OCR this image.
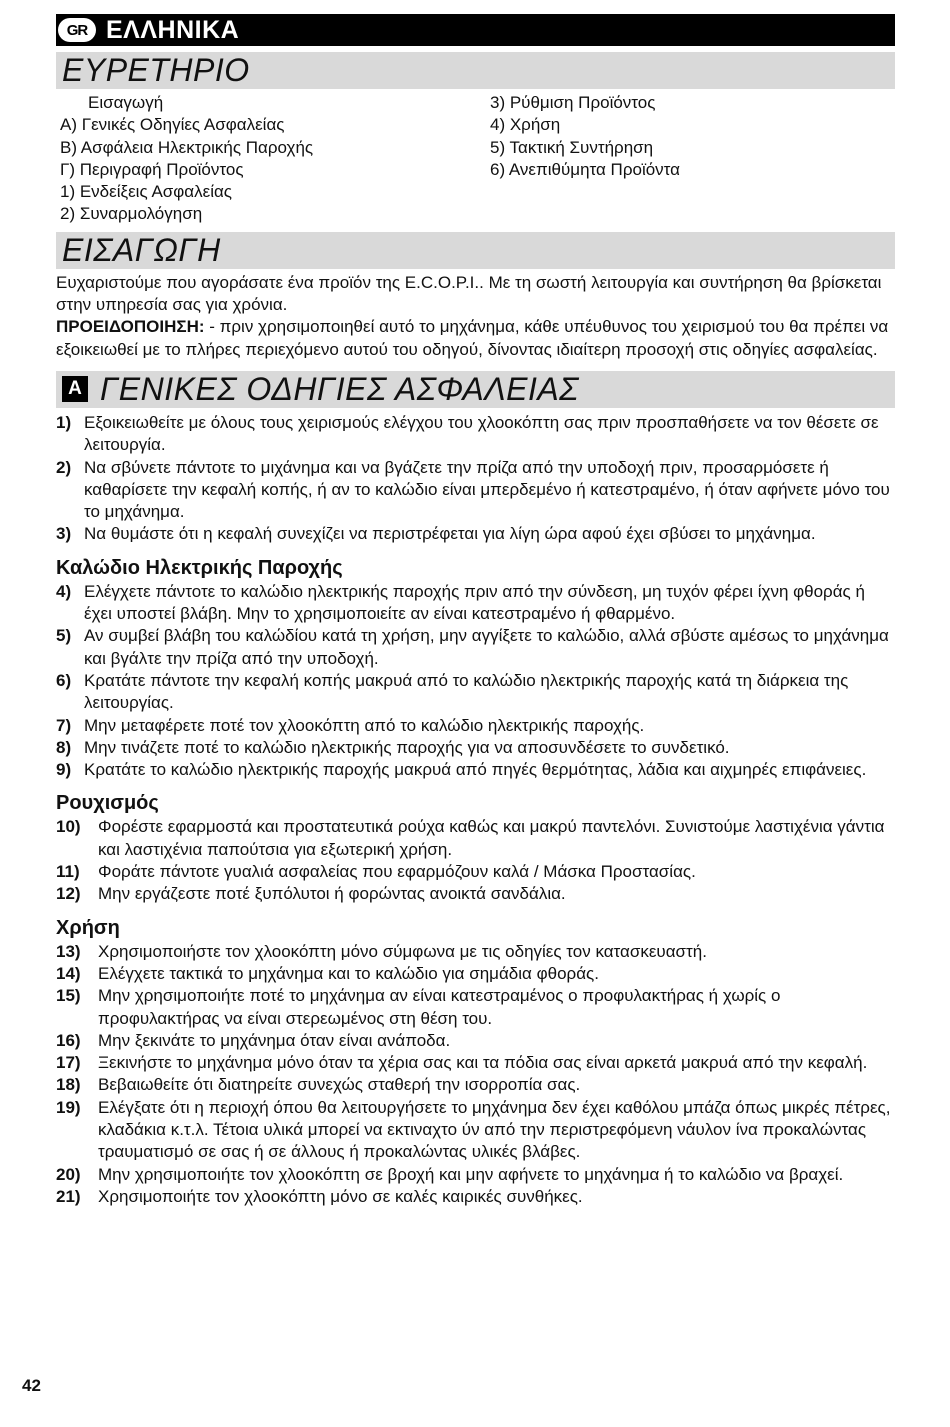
GR ΕΛΛΗΝΙΚΑ
ΕΥΡΕΤΗΡΙΟ
Εισαγωγή
Α) Γενικές Οδηγίες Ασφαλείας
Β) Ασφάλεια Ηλεκτρικής Παροχής
Γ) Περιγραφή Προϊόντος
1) Ενδείξεις Ασφαλείας
2) Συναρμολόγηση
3) Ρύθμιση Προϊόντος
4) Χρήση
5) Τακτική Συντήρηση
6) Ανεπιθύμητα Προϊόντα
ΕΙΣΑΓΩΓΗ

Ευχαριστούμε που αγοράσατε ένα προϊόν της E.C.O.P.I.. Με τη σωστή λειτουργία και συντήρηση θα βρίσκεται στην υπηρεσία σας για χρόνια.

ΠΡΟΕΙΔΟΠΟΙΗΣΗ: - πριν χρησιμοποιηθεί αυτό το μηχάνημα, κάθε υπέυθυνος του χειρισμού του θα πρέπει να εξοικειωθεί με το πλήρες περιεχόμενο αυτού του οδηγού, δίνοντας ιδιαίτερη προσοχή στις οδηγίες ασφαλείας.

A ΓΕΝΙΚΕΣ ΟΔΗΓΙΕΣ ΑΣΦΑΛΕΙΑΣ
1) Εξοικειωθείτε με όλους τους χειρισμούς ελέγχου του χλοοκόπτη σας πριν προσπαθήσετε να τον θέσετε σε λειτουργία.
2) Να σβύνετε πάντοτε το μιχάνημα και να βγάζετε την πρίζα από την υποδοχή πριν, προσαρμόσετε ή καθαρίσετε την κεφαλή κοπής, ή αν το καλώδιο είναι μπερδεμένο ή κατεστραμένο, ή όταν αφήνετε μόνο του το μηχάνημα.
3) Να θυμάστε ότι η κεφαλή συνεχίζει να περιστρέφεται για λίγη ώρα αφού έχει σβύσει το μηχάνημα.
Καλώδιο Ηλεκτρικής Παροχής
4) Ελέγχετε πάντοτε το καλώδιο ηλεκτρικής παροχής πριν από την σύνδεση, μη τυχόν φέρει ίχνη φθοράς ή έχει υποστεί βλάβη. Μην το χρησιμοποιείτε αν είναι κατεστραμένο ή φθαρμένο.
5) Αν συμβεί βλάβη του καλώδίου κατά τη χρήση, μην αγγίξετε το καλώδιο, αλλά σβύστε αμέσως το μηχάνημα και βγάλτε την πρίζα από την υποδοχή.
6) Κρατάτε πάντοτε την κεφαλή κοπής μακρυά από το καλώδιο ηλεκτρικής παροχής κατά τη διάρκεια της λειτουργίας.
7) Μην μεταφέρετε ποτέ τον χλοοκόπτη από το καλώδιο ηλεκτρικής παροχής.
8) Μην τινάζετε ποτέ το καλώδιο ηλεκτρικής παροχής για να αποσυνδέσετε το συνδετικό.
9) Κρατάτε το καλώδιο ηλεκτρικής παροχής μακρυά από πηγές θερμότητας, λάδια και αιχμηρές επιφάνειες.
Ρουχισμός
10)	Φορέστε εφαρμοστά και προστατευτικά ρούχα καθώς και μακρύ παντελόνι. Συνιστούμε λαστιχένια γάντια και λαστιχένια παπούτσια για εξωτερική χρήση.
11)	Φοράτε πάντοτε γυαλιά ασφαλείας που εφαρμόζουν καλά / Μάσκα Προστασίας.
12)	Μην εργάζεστε ποτέ ξυπόλυτοι ή φορώντας ανοικτά σανδάλια.
Χρήση
13)	Χρησιμοποιήστε τον χλοοκόπτη μόνο σύμφωνα με τις οδηγίες τον κατασκευαστή.
14)	Ελέγχετε τακτικά το μηχάνημα και το καλώδιο για σημάδια φθοράς.
15)	Μην χρησιμοποιήτε ποτέ το μηχάνημα αν είναι κατεστραμένος ο προφυλακτήρας ή χωρίς ο προφυλακτήρας να είναι στερεωμένος στη θέση του.
16)	Μην ξεκινάτε το μηχάνημα όταν είναι ανάποδα.
17)	Ξεκινήστε το μηχάνημα μόνο όταν τα χέρια σας και τα πόδια σας είναι αρκετά μακρυά από την κεφαλή.
18)	Βεβαιωθείτε ότι διατηρείτε συνεχώς σταθερή την ισορροπία σας.
19)	Ελέγξατε ότι η περιοχή όπου θα λειτουργήσετε το μηχάνημα δεν έχει καθόλου μπάζα όπως μικρές πέτρες, κλαδάκια κ.τ.λ. Τέτοια υλικά μπορεί να εκτιναχτο ύν από την περιστρεφόμενη νάυλον ίνα προκαλώντας τραυματισμό σε σας ή σε άλλους ή προκαλώντας υλικές βλάβες.
20)	Μην χρησιμοποιήτε τον χλοοκόπτη σε βροχή και μην αφήνετε το μηχάνημα ή το καλώδιο να βραχεί.
21)	Χρησιμοποιήτε τον χλοοκόπτη μόνο σε καλές καιρικές συνθήκες.
42
